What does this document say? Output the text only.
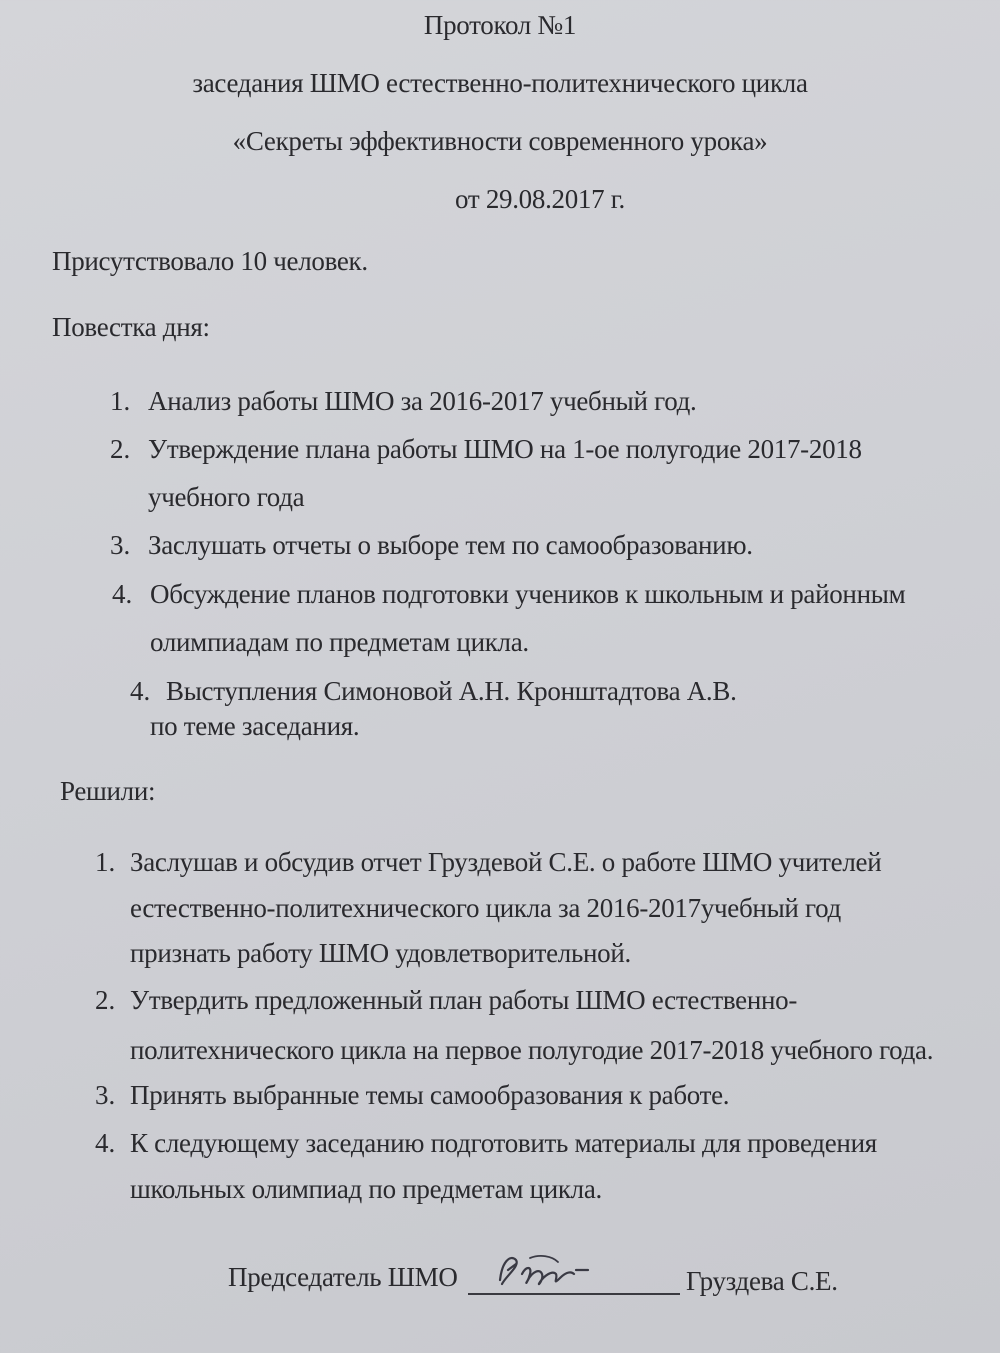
Протокол №1
заседания ШМО естественно-политехнического цикла
«Секреты эффективности современного урока»
от 29.08.2017 г.
Присутствовало 10 человек.
Повестка дня:
1. Анализ работы ШМО за 2016-2017 учебный год.
2. Утверждение плана работы ШМО на 1-ое полугодие 2017-2018
учебного года
3. Заслушать отчеты о выборе тем по самообразованию.
4. Обсуждение планов подготовки учеников к школьным и районным
олимпиадам по предметам цикла.
4. Выступления Симоновой А.Н. Кронштадтова А.В.
по теме заседания.
Решили:
1. Заслушав и обсудив отчет Груздевой С.Е. о работе ШМО учителей
естественно-политехнического цикла за 2016-2017учебный год
признать работу ШМО удовлетворительной.
2. Утвердить предложенный план работы ШМО естественно-
политехнического цикла на первое полугодие 2017-2018 учебного года.
3. Принять выбранные темы самообразования к работе.
4. К следующему заседанию подготовить материалы для проведения
школьных олимпиад по предметам цикла.
Председатель ШМО	Груздева С.Е.
